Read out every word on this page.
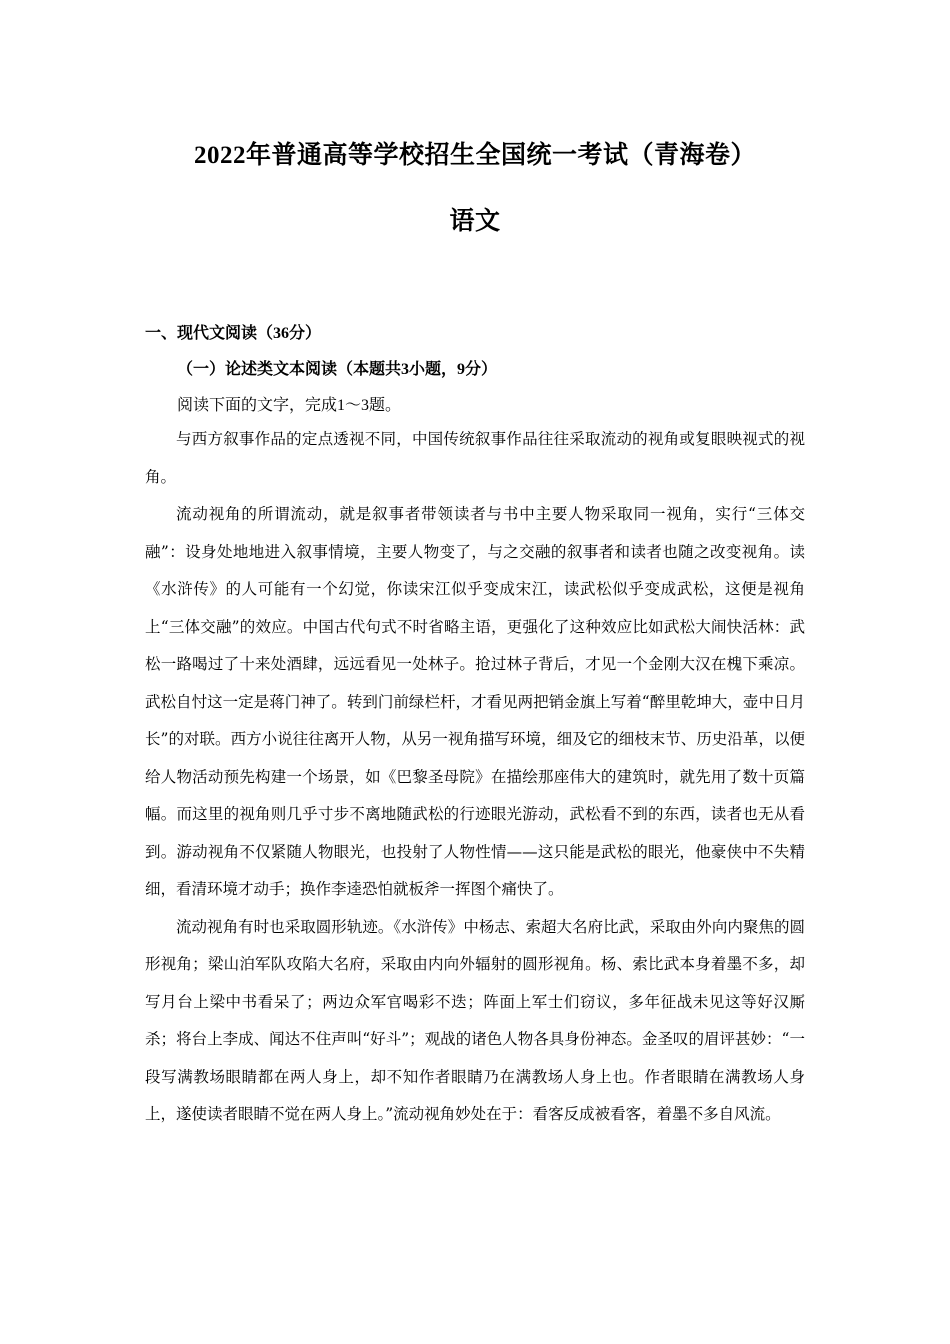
2022年普通高等学校招生全国统一考试（青海卷）
语文
一、现代文阅读（36分）
（一）论述类文本阅读（本题共3小题，9分）
阅读下面的文字，完成1～3题。

与西方叙事作品的定点透视不同，中国传统叙事作品往往采取流动的视角或复眼映视式的视角。

流动视角的所谓流动，就是叙事者带领读者与书中主要人物采取同一视角，实行“三体交融”：设身处地地进入叙事情境，主要人物变了，与之交融的叙事者和读者也随之改变视角。读《水浒传》的人可能有一个幻觉，你读宋江似乎变成宋江，读武松似乎变成武松，这便是视角上“三体交融”的效应。中国古代句式不时省略主语，更强化了这种效应比如武松大闹快活林：武松一路喝过了十来处酒肆，远远看见一处林子。抢过林子背后，才见一个金刚大汉在槐下乘凉。武松自忖这一定是蒋门神了。转到门前绿栏杆，才看见两把销金旗上写着“醉里乾坤大，壶中日月长”的对联。西方小说往往离开人物，从另一视角描写环境，细及它的细枝末节、历史沿革，以便给人物活动预先构建一个场景，如《巴黎圣母院》在描绘那座伟大的建筑时，就先用了数十页篇幅。而这里的视角则几乎寸步不离地随武松的行迹眼光游动，武松看不到的东西，读者也无从看到。游动视角不仅紧随人物眼光，也投射了人物性情——这只能是武松的眼光，他豪侠中不失精细，看清环境才动手；换作李逵恐怕就板斧一挥图个痛快了。

流动视角有时也采取圆形轨迹。《水浒传》中杨志、索超大名府比武，采取由外向内聚焦的圆形视角；梁山泊军队攻陷大名府，采取由内向外辐射的圆形视角。杨、索比武本身着墨不多，却写月台上梁中书看呆了；两边众军官喝彩不迭；阵面上军士们窃议，多年征战未见这等好汉厮杀；将台上李成、闻达不住声叫“好斗”；观战的诸色人物各具身份神态。金圣叹的眉评甚妙：“一段写满教场眼睛都在两人身上，却不知作者眼睛乃在满教场人身上也。作者眼睛在满教场人身上，遂使读者眼睛不觉在两人身上。”流动视角妙处在于：看客反成被看客，着墨不多自风流。
